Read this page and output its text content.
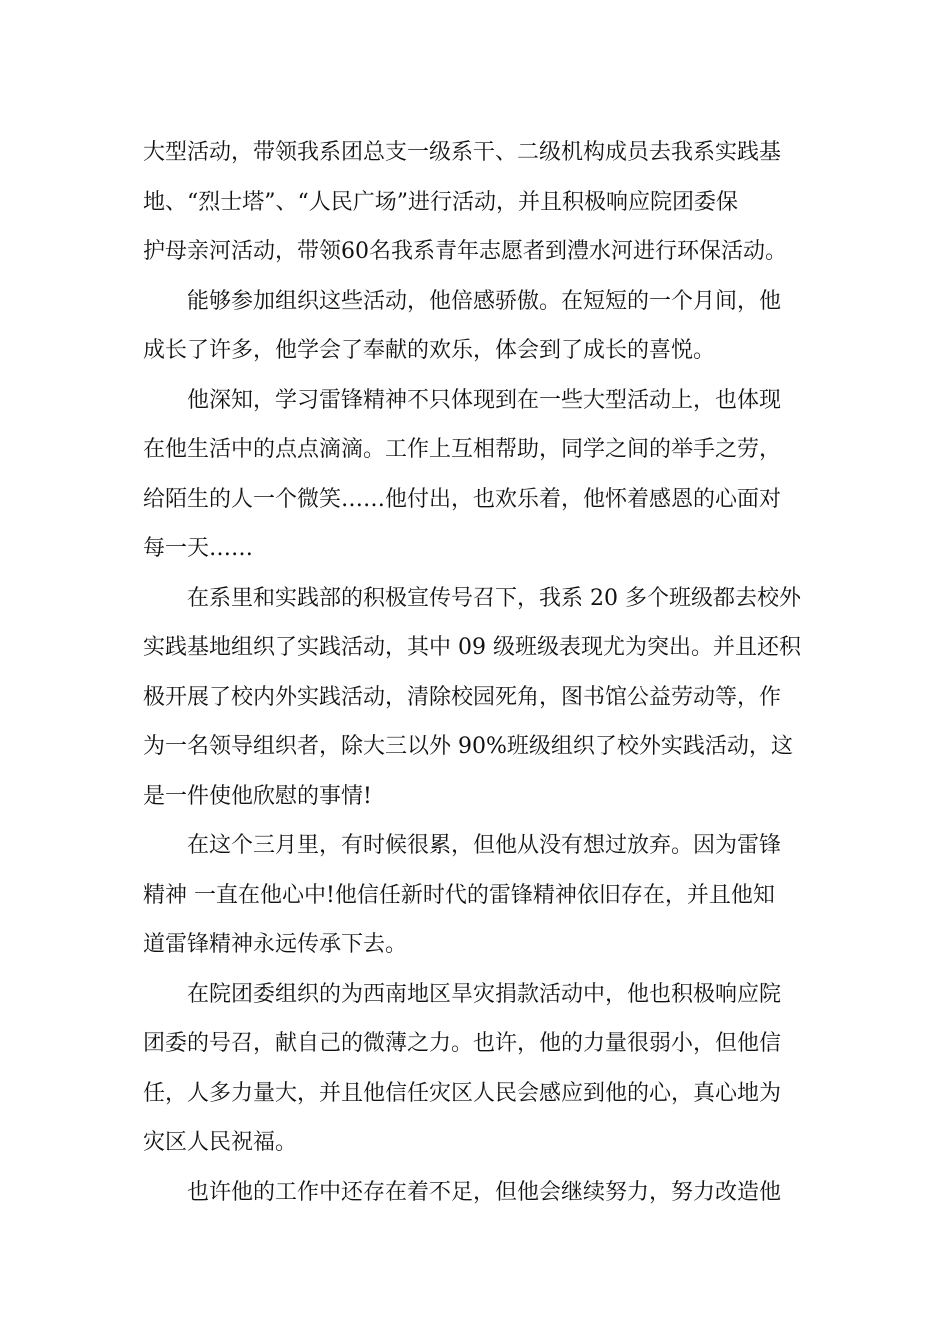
大型活动，带领我系团总支一级系干、二级机构成员去我系实践基
地、“烈士塔”、“人民广场”进行活动，并且积极响应院团委保
护母亲河活动，带领60名我系青年志愿者到澧水河进行环保活动。
能够参加组织这些活动，他倍感骄傲。在短短的一个月间，他
成长了许多，他学会了奉献的欢乐，体会到了成长的喜悦。
他深知，学习雷锋精神不只体现到在一些大型活动上，也体现
在他生活中的点点滴滴。工作上互相帮助，同学之间的举手之劳，
给陌生的人一个微笑……他付出，也欢乐着，他怀着感恩的心面对
每一天……
在系里和实践部的积极宣传号召下，我系 20 多个班级都去校外
实践基地组织了实践活动，其中 09 级班级表现尤为突出。并且还积
极开展了校内外实践活动，清除校园死角，图书馆公益劳动等，作
为一名领导组织者，除大三以外 90%班级组织了校外实践活动，这
是一件使他欣慰的事情!
在这个三月里，有时候很累，但他从没有想过放弃。因为雷锋
精神 一直在他心中!他信任新时代的雷锋精神依旧存在，并且他知
道雷锋精神永远传承下去。
在院团委组织的为西南地区旱灾捐款活动中，他也积极响应院
团委的号召，献自己的微薄之力。也许，他的力量很弱小，但他信
任，人多力量大，并且他信任灾区人民会感应到他的心，真心地为
灾区人民祝福。
也许他的工作中还存在着不足，但他会继续努力，努力改造他
